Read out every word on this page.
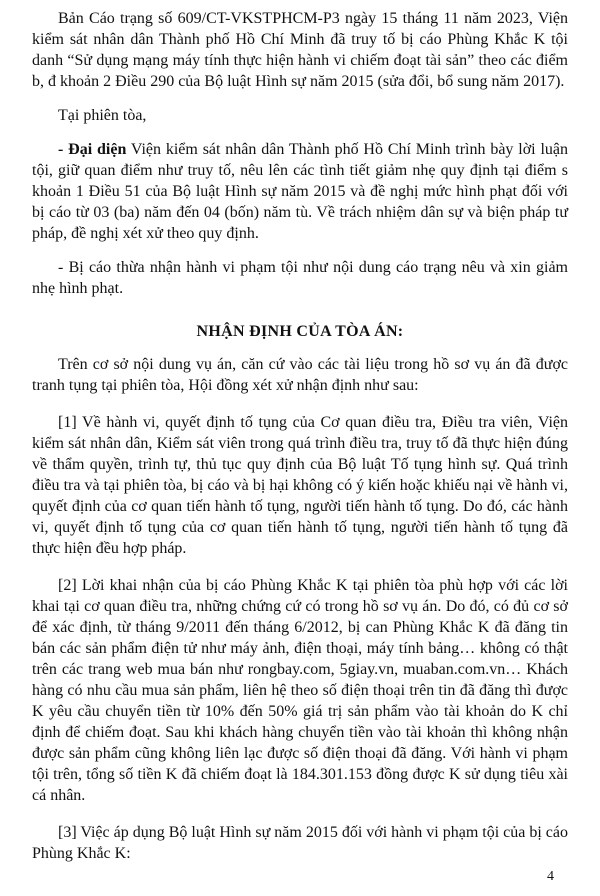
Bản Cáo trạng số 609/CT-VKSTPHCM-P3 ngày 15 tháng 11 năm 2023, Viện kiểm sát nhân dân Thành phố Hồ Chí Minh đã truy tố bị cáo Phùng Khắc K tội danh “Sử dụng mạng máy tính thực hiện hành vi chiếm đoạt tài sản” theo các điểm b, đ khoản 2 Điều 290 của Bộ luật Hình sự năm 2015 (sửa đổi, bổ sung năm 2017).

Tại phiên tòa,

- Đại diện Viện kiểm sát nhân dân Thành phố Hồ Chí Minh trình bày lời luận tội, giữ quan điểm như truy tố, nêu lên các tình tiết giảm nhẹ quy định tại điểm s khoản 1 Điều 51 của Bộ luật Hình sự năm 2015 và đề nghị mức hình phạt đối với bị cáo từ 03 (ba) năm đến 04 (bốn) năm tù. Về trách nhiệm dân sự và biện pháp tư pháp, đề nghị xét xử theo quy định.

- Bị cáo thừa nhận hành vi phạm tội như nội dung cáo trạng nêu và xin giảm nhẹ hình phạt.

NHẬN ĐỊNH CỦA TÒA ÁN:

Trên cơ sở nội dung vụ án, căn cứ vào các tài liệu trong hồ sơ vụ án đã được tranh tụng tại phiên tòa, Hội đồng xét xử nhận định như sau:

[1] Về hành vi, quyết định tố tụng của Cơ quan điều tra, Điều tra viên, Viện kiểm sát nhân dân, Kiểm sát viên trong quá trình điều tra, truy tố đã thực hiện đúng về thẩm quyền, trình tự, thủ tục quy định của Bộ luật Tố tụng hình sự. Quá trình điều tra và tại phiên tòa, bị cáo và bị hại không có ý kiến hoặc khiếu nại về hành vi, quyết định của cơ quan tiến hành tố tụng, người tiến hành tố tụng. Do đó, các hành vi, quyết định tố tụng của cơ quan tiến hành tố tụng, người tiến hành tố tụng đã thực hiện đều hợp pháp.

[2] Lời khai nhận của bị cáo Phùng Khắc K tại phiên tòa phù hợp với các lời khai tại cơ quan điều tra, những chứng cứ có trong hồ sơ vụ án. Do đó, có đủ cơ sở để xác định, từ tháng 9/2011 đến tháng 6/2012, bị can Phùng Khắc K đã đăng tin bán các sản phẩm điện tử như máy ảnh, điện thoại, máy tính bảng… không có thật trên các trang web mua bán như rongbay.com, 5giay.vn, muaban.com.vn… Khách hàng có nhu cầu mua sản phẩm, liên hệ theo số điện thoại trên tin đã đăng thì được K yêu cầu chuyển tiền từ 10% đến 50% giá trị sản phẩm vào tài khoản do K chỉ định để chiếm đoạt. Sau khi khách hàng chuyển tiền vào tài khoản thì không nhận được sản phẩm cũng không liên lạc được số điện thoại đã đăng. Với hành vi phạm tội trên, tổng số tiền K đã chiếm đoạt là 184.301.153 đồng được K sử dụng tiêu xài cá nhân.

[3] Việc áp dụng Bộ luật Hình sự năm 2015 đối với hành vi phạm tội của bị cáo Phùng Khắc K:

4
